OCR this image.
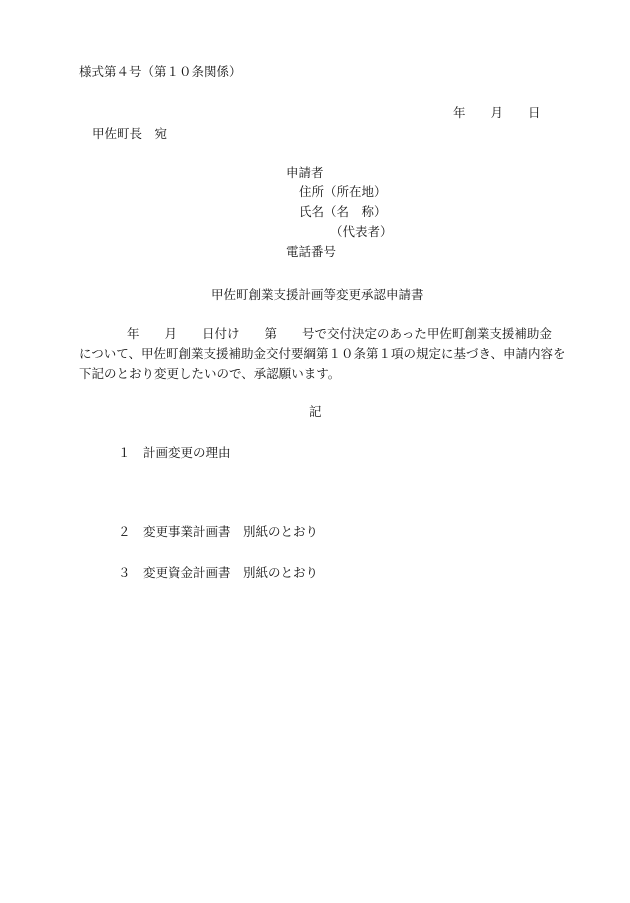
様式第４号（第１０条関係）
年　　月　　日
甲佐町長　宛
申請者
住所（所在地）
氏名（名　称）
（代表者）
電話番号
甲佐町創業支援計画等変更承認申請書
年　　月　　日付け　　第　　号で交付決定のあった甲佐町創業支援補助金
について、甲佐町創業支援補助金交付要綱第１０条第１項の規定に基づき、申請内容を
下記のとおり変更したいので、承認願います。
記
１　計画変更の理由
２　変更事業計画書　別紙のとおり
３　変更資金計画書　別紙のとおり
